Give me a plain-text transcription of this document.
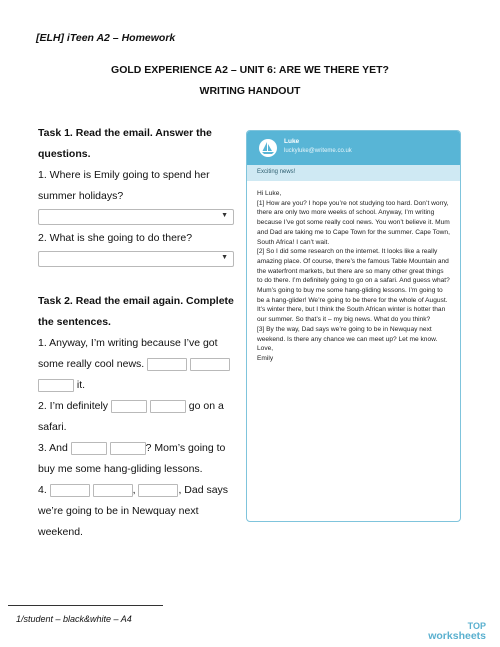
[ELH] iTeen A2 – Homework
GOLD EXPERIENCE A2 – UNIT 6: ARE WE THERE YET?
WRITING HANDOUT
Task 1. Read the email. Answer the
questions.
1. Where is Emily going to spend her
summer holidays?
▼
2. What is she going to do there?
▼
Task 2. Read the email again. Complete
the sentences.
1. Anyway, I’m writing because I’ve got
some really cool news.
it.
2. I’m definitely	go on a
safari.
3. And	? Mom’s going to
buy me some hang-gliding lessons.
4.	,	, Dad says
we’re going to be in Newquay next
weekend.
Luke
luckyluke@writeme.co.uk
Exciting news!

Hi Luke,

[1] How are you? I hope you’re not studying too hard. Don’t worry, there are only two more weeks of school. Anyway, I’m writing because I’ve got some really cool news. You won’t believe it. Mum and Dad are taking me to Cape Town for the summer. Cape Town, South Africa! I can’t wait.

[2] So I did some research on the internet. It looks like a really amazing place. Of course, there’s the famous Table Mountain and the waterfront markets, but there are so many other great things to do there. I’m definitely going to go on a safari. And guess what? Mum’s going to buy me some hang-gliding lessons. I’m going to be a hang-glider! We’re going to be there for the whole of August. It’s winter there, but I think the South African winter is hotter than our summer. So that’s it – my big news. What do you think?

[3] By the way, Dad says we’re going to be in Newquay next weekend. Is there any chance we can meet up? Let me know.

Love,

Emily

1/student – black&white – A4
TOP
worksheets
